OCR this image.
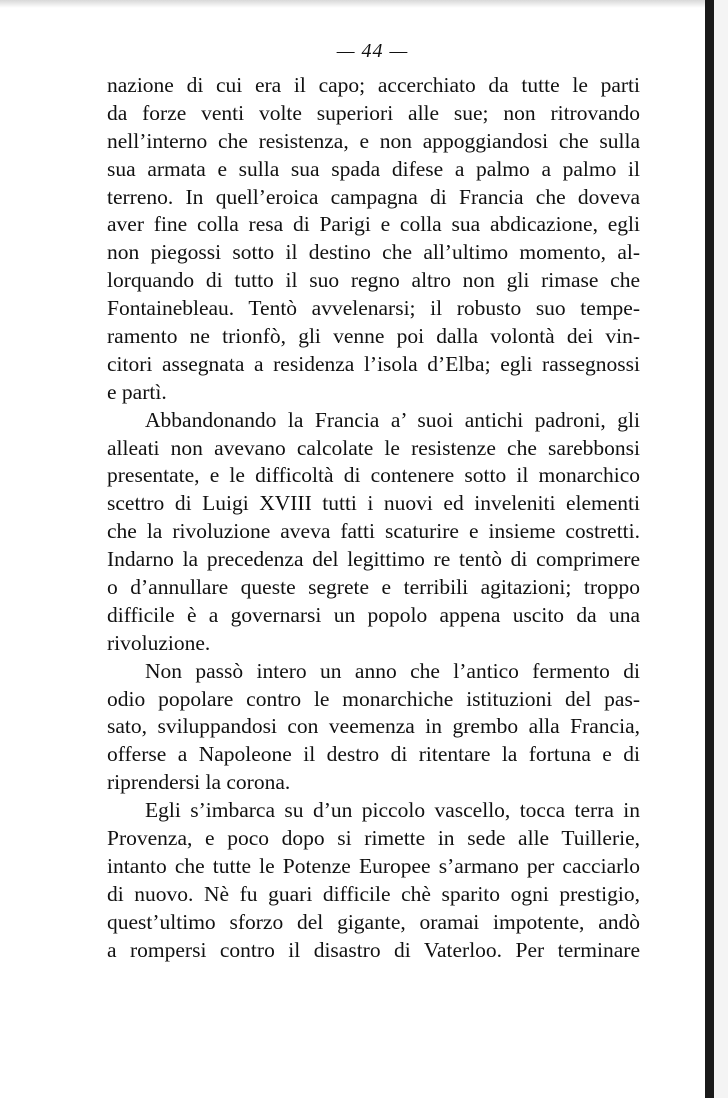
— 44 —
nazione di cui era il capo; accerchiato da tutte le parti
da forze venti volte superiori alle sue; non ritrovando
nell’interno che resistenza, e non appoggiandosi che sulla
sua armata e sulla sua spada difese a palmo a palmo il
terreno. In quell’eroica campagna di Francia che doveva
aver fine colla resa di Parigi e colla sua abdicazione, egli
non piegossi sotto il destino che all’ultimo momento, al-
lorquando di tutto il suo regno altro non gli rimase che
Fontainebleau. Tentò avvelenarsi; il robusto suo tempe-
ramento ne trionfò, gli venne poi dalla volontà dei vin-
citori assegnata a residenza l’isola d’Elba; egli rassegnossi
e partì.
Abbandonando la Francia a’ suoi antichi padroni, gli
alleati non avevano calcolate le resistenze che sarebbonsi
presentate, e le difficoltà di contenere sotto il monarchico
scettro di Luigi XVIII tutti i nuovi ed inveleniti elementi
che la rivoluzione aveva fatti scaturire e insieme costretti.
Indarno la precedenza del legittimo re tentò di comprimere
o d’annullare queste segrete e terribili agitazioni; troppo
difficile è a governarsi un popolo appena uscito da una
rivoluzione.
Non passò intero un anno che l’antico fermento di
odio popolare contro le monarchiche istituzioni del pas-
sato, sviluppandosi con veemenza in grembo alla Francia,
offerse a Napoleone il destro di ritentare la fortuna e di
riprendersi la corona.
Egli s’imbarca su d’un piccolo vascello, tocca terra in
Provenza, e poco dopo si rimette in sede alle Tuillerie,
intanto che tutte le Potenze Europee s’armano per cacciarlo
di nuovo. Nè fu guari difficile chè sparito ogni prestigio,
quest’ultimo sforzo del gigante, oramai impotente, andò
a rompersi contro il disastro di Vaterloo. Per terminare
